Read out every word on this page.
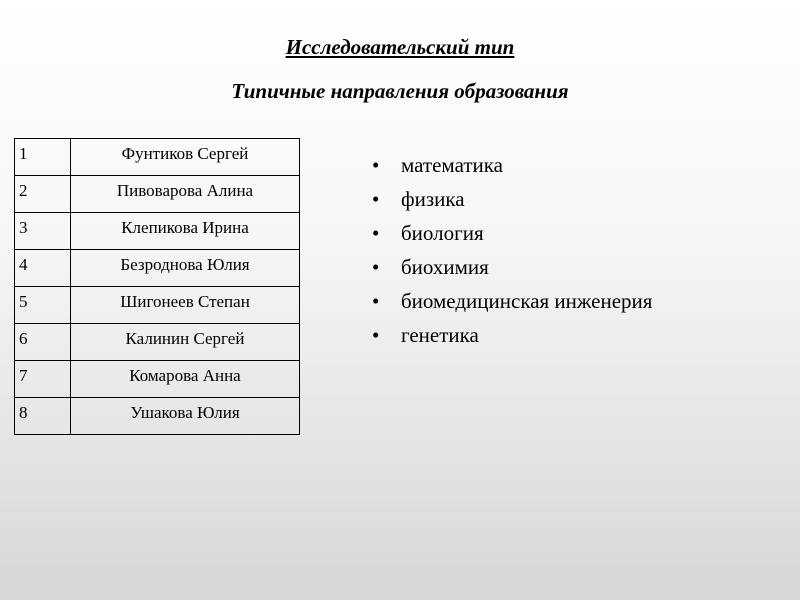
Исследовательский тип
Типичные направления образования
1	Фунтиков Сергей
2	Пивоварова Алина
3	Клепикова Ирина
4	Безроднова Юлия
5	Шигонеев Степан
6	Калинин Сергей
7	Комарова Анна
8	Ушакова Юлия
• математика
• физика
• биология
• биохимия
• биомедицинская инженерия
• генетика
